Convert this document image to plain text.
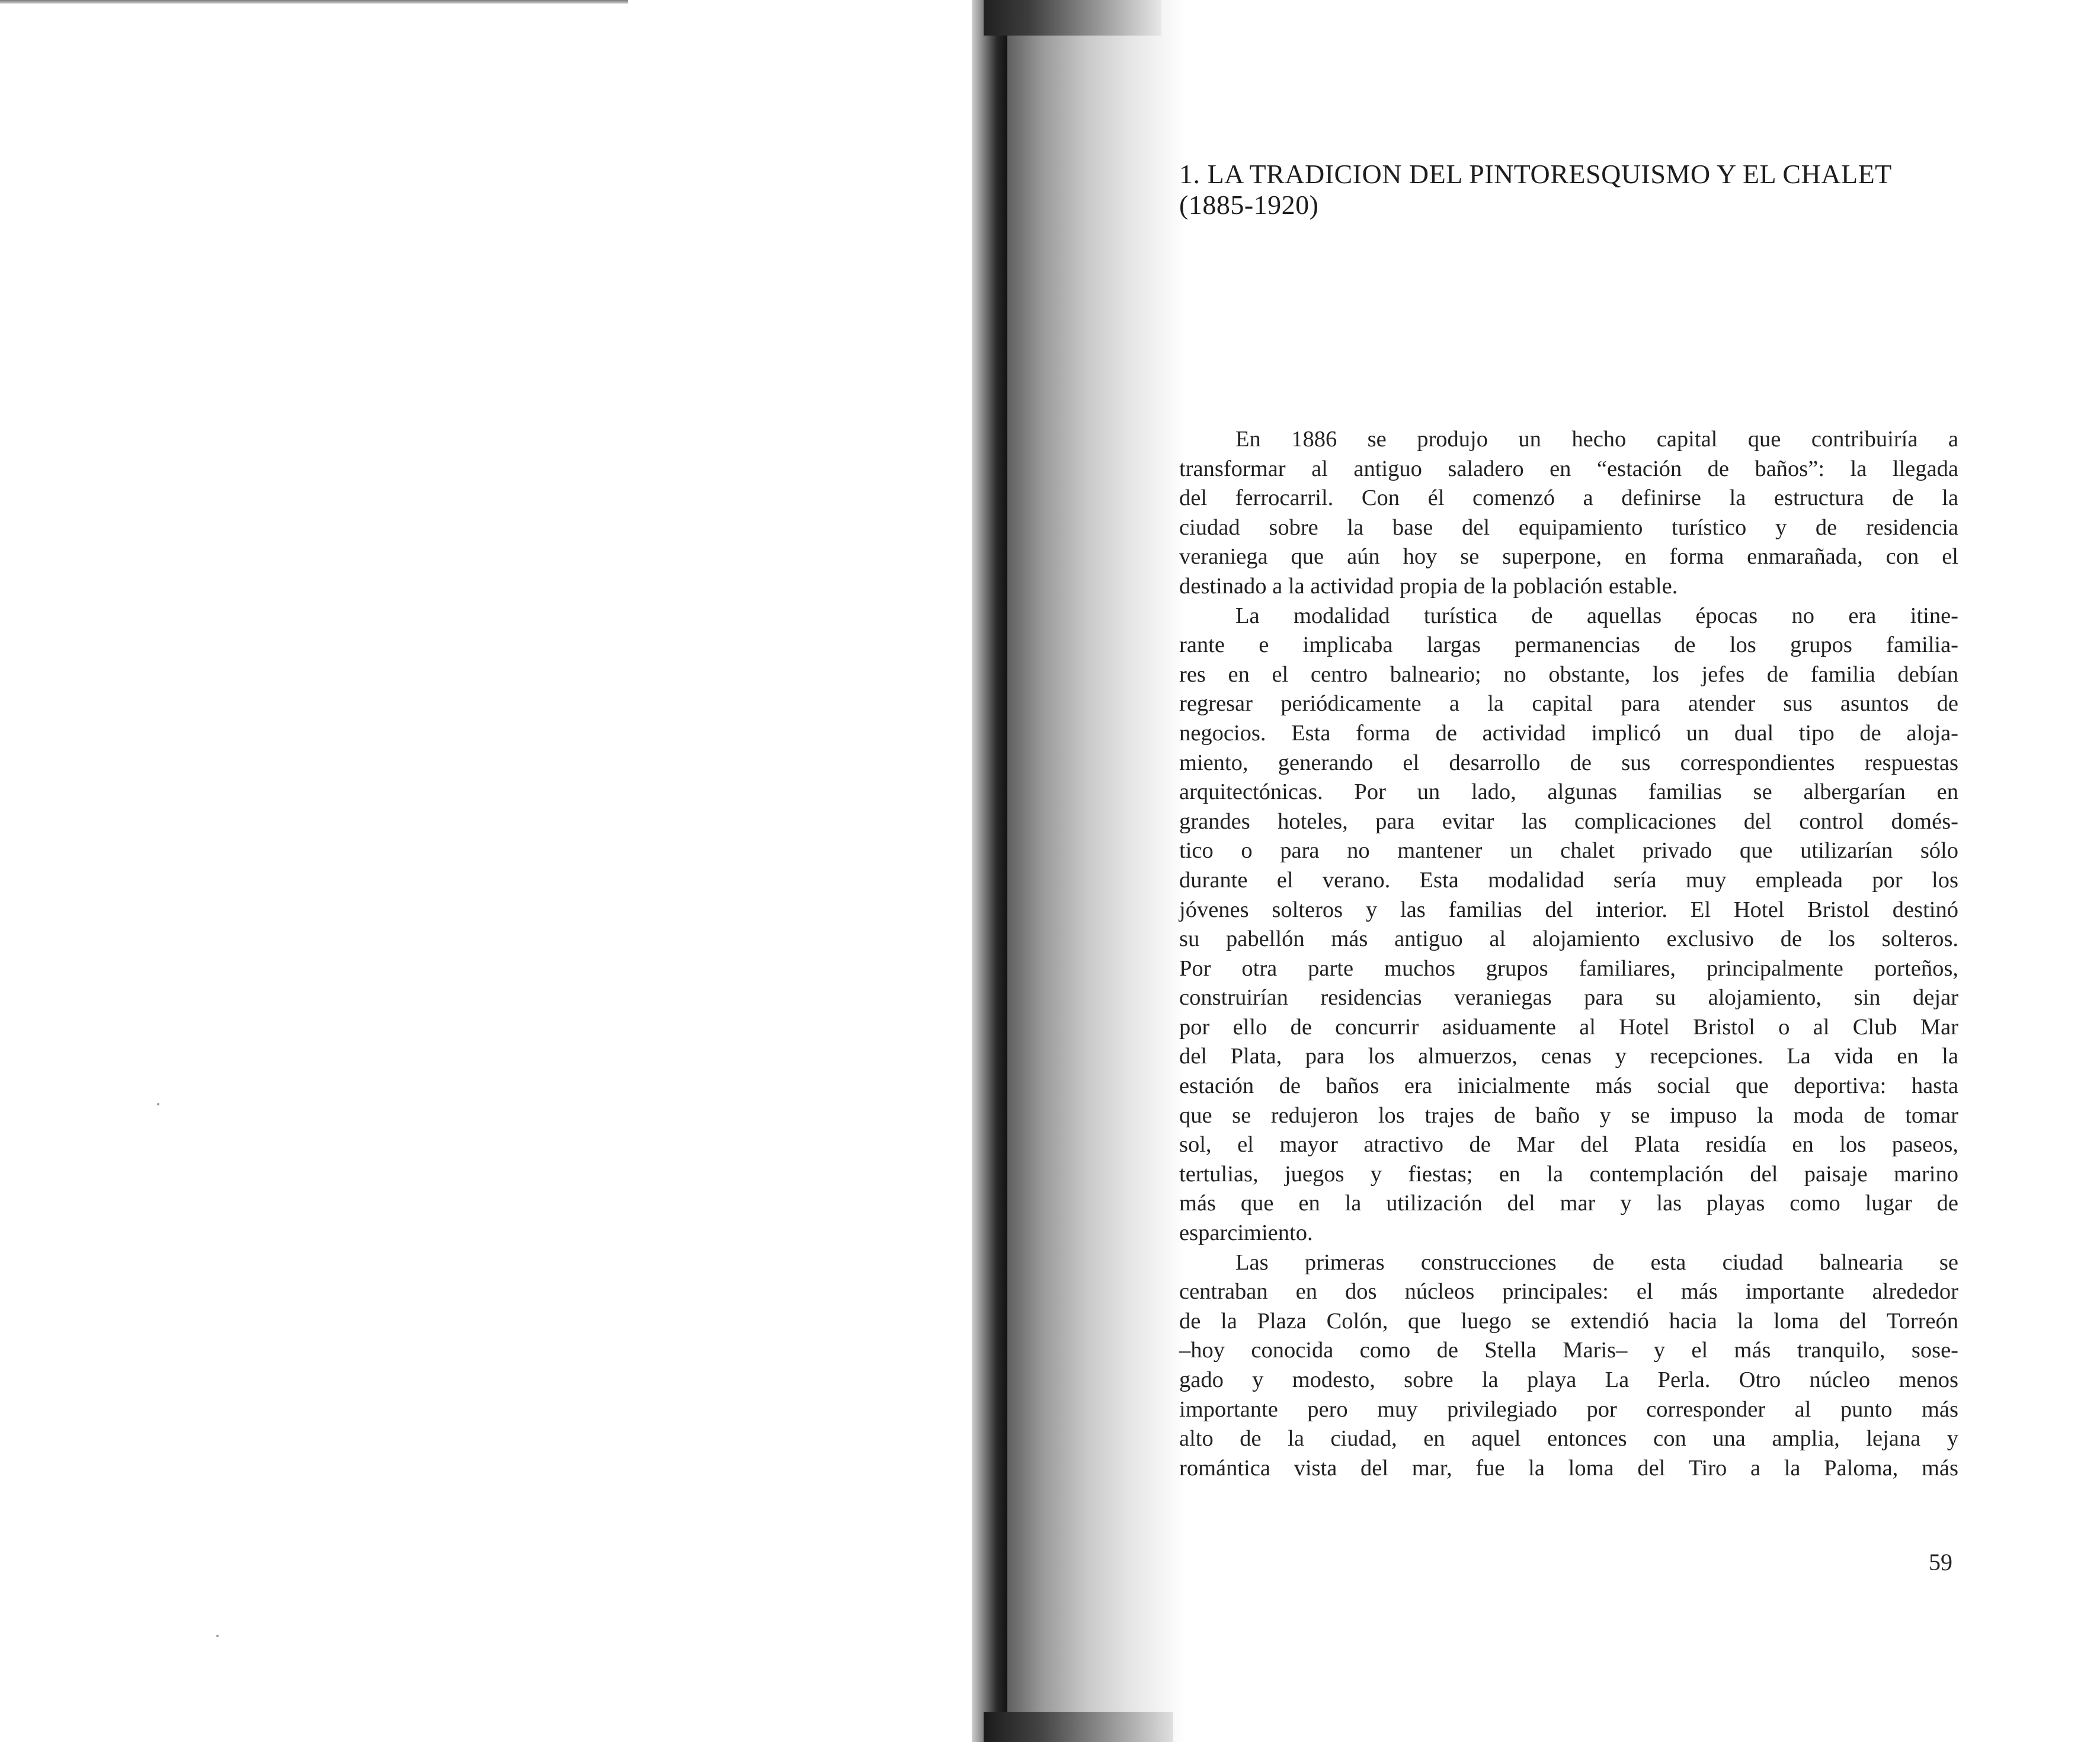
1. LA TRADICION DEL PINTORESQUISMO Y EL CHALET
(1885-1920)
En 1886 se produjo un hecho capital que contribuiría a
transformar al antiguo saladero en “estación de baños”: la llegada
del ferrocarril. Con él comenzó a definirse la estructura de la
ciudad sobre la base del equipamiento turístico y de residencia
veraniega que aún hoy se superpone, en forma enmarañada, con el
destinado a la actividad propia de la población estable.
La modalidad turística de aquellas épocas no era itine-
rante e implicaba largas permanencias de los grupos familia-
res en el centro balneario; no obstante, los jefes de familia debían
regresar periódicamente a la capital para atender sus asuntos de
negocios. Esta forma de actividad implicó un dual tipo de aloja-
miento, generando el desarrollo de sus correspondientes respuestas
arquitectónicas. Por un lado, algunas familias se albergarían en
grandes hoteles, para evitar las complicaciones del control domés-
tico o para no mantener un chalet privado que utilizarían sólo
durante el verano. Esta modalidad sería muy empleada por los
jóvenes solteros y las familias del interior. El Hotel Bristol destinó
su pabellón más antiguo al alojamiento exclusivo de los solteros.
Por otra parte muchos grupos familiares, principalmente porteños,
construirían residencias veraniegas para su alojamiento, sin dejar
por ello de concurrir asiduamente al Hotel Bristol o al Club Mar
del Plata, para los almuerzos, cenas y recepciones. La vida en la
estación de baños era inicialmente más social que deportiva: hasta
que se redujeron los trajes de baño y se impuso la moda de tomar
sol, el mayor atractivo de Mar del Plata residía en los paseos,
tertulias, juegos y fiestas; en la contemplación del paisaje marino
más que en la utilización del mar y las playas como lugar de
esparcimiento.
Las primeras construcciones de esta ciudad balnearia se
centraban en dos núcleos principales: el más importante alrededor
de la Plaza Colón, que luego se extendió hacia la loma del Torreón
–hoy conocida como de Stella Maris– y el más tranquilo, sose-
gado y modesto, sobre la playa La Perla. Otro núcleo menos
importante pero muy privilegiado por corresponder al punto más
alto de la ciudad, en aquel entonces con una amplia, lejana y
romántica vista del mar, fue la loma del Tiro a la Paloma, más
59
